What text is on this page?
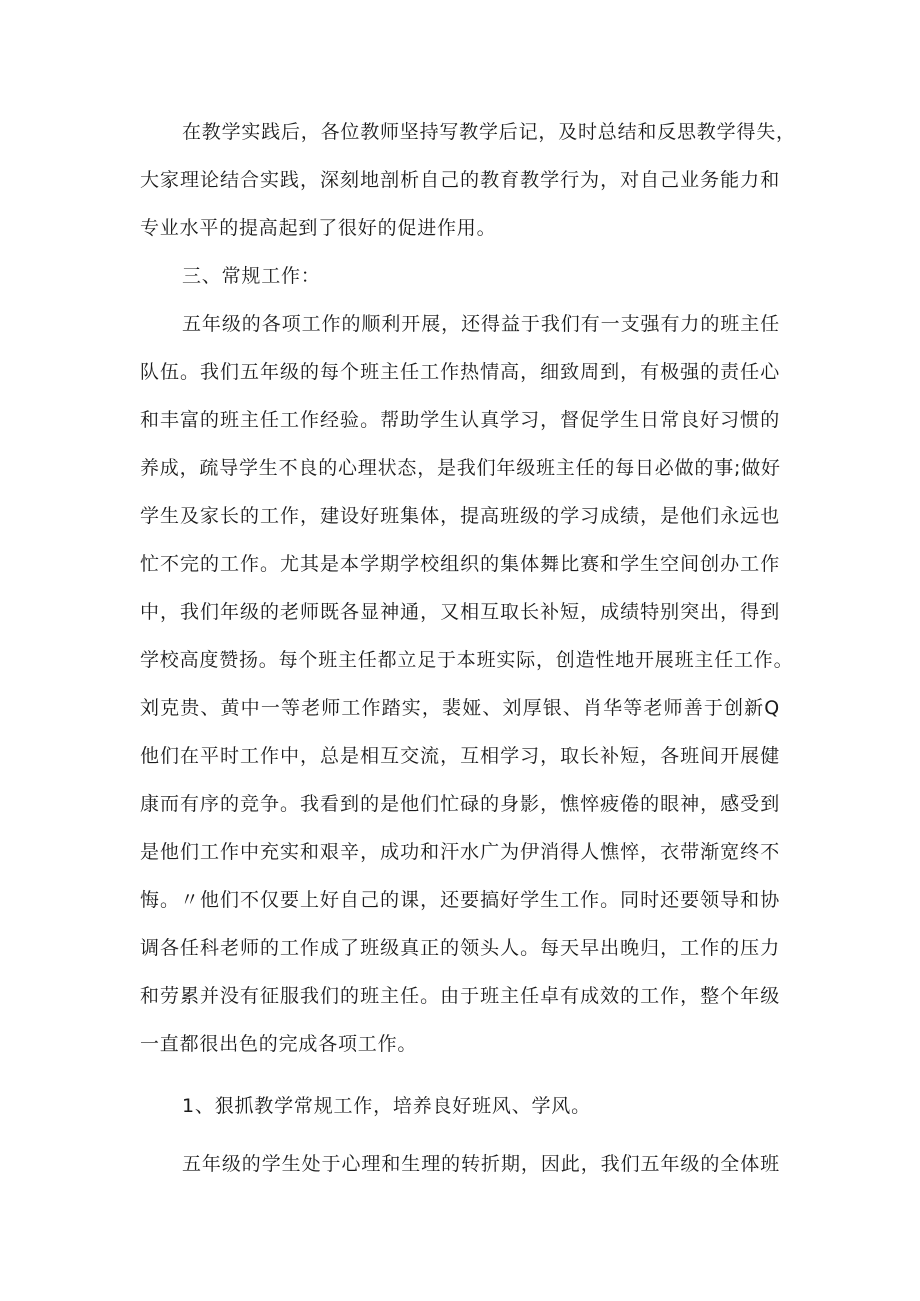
在教学实践后，各位教师坚持写教学后记，及时总结和反思教学得失，
大家理论结合实践，深刻地剖析自己的教育教学行为，对自己业务能力和
专业水平的提高起到了很好的促进作用。
三、常规工作：
五年级的各项工作的顺利开展，还得益于我们有一支强有力的班主任
队伍。我们五年级的每个班主任工作热情高，细致周到，有极强的责任心
和丰富的班主任工作经验。帮助学生认真学习，督促学生日常良好习惯的
养成，疏导学生不良的心理状态，是我们年级班主任的每日必做的事;做好
学生及家长的工作，建设好班集体，提高班级的学习成绩，是他们永远也
忙不完的工作。尤其是本学期学校组织的集体舞比赛和学生空间创办工作
中，我们年级的老师既各显神通，又相互取长补短，成绩特别突出，得到
学校高度赞扬。每个班主任都立足于本班实际，创造性地开展班主任工作。
刘克贵、黄中一等老师工作踏实，裴娅、刘厚银、肖华等老师善于创新Q
他们在平时工作中，总是相互交流，互相学习，取长补短，各班间开展健
康而有序的竞争。我看到的是他们忙碌的身影，憔悴疲倦的眼神，感受到
是他们工作中充实和艰辛，成功和汗水广为伊消得人憔悴，衣带渐宽终不
悔。〃他们不仅要上好自己的课，还要搞好学生工作。同时还要领导和协
调各任科老师的工作成了班级真正的领头人。每天早出晚归，工作的压力
和劳累并没有征服我们的班主任。由于班主任卓有成效的工作，整个年级
一直都很出色的完成各项工作。
1、狠抓教学常规工作，培养良好班风、学风。
五年级的学生处于心理和生理的转折期，因此，我们五年级的全体班
